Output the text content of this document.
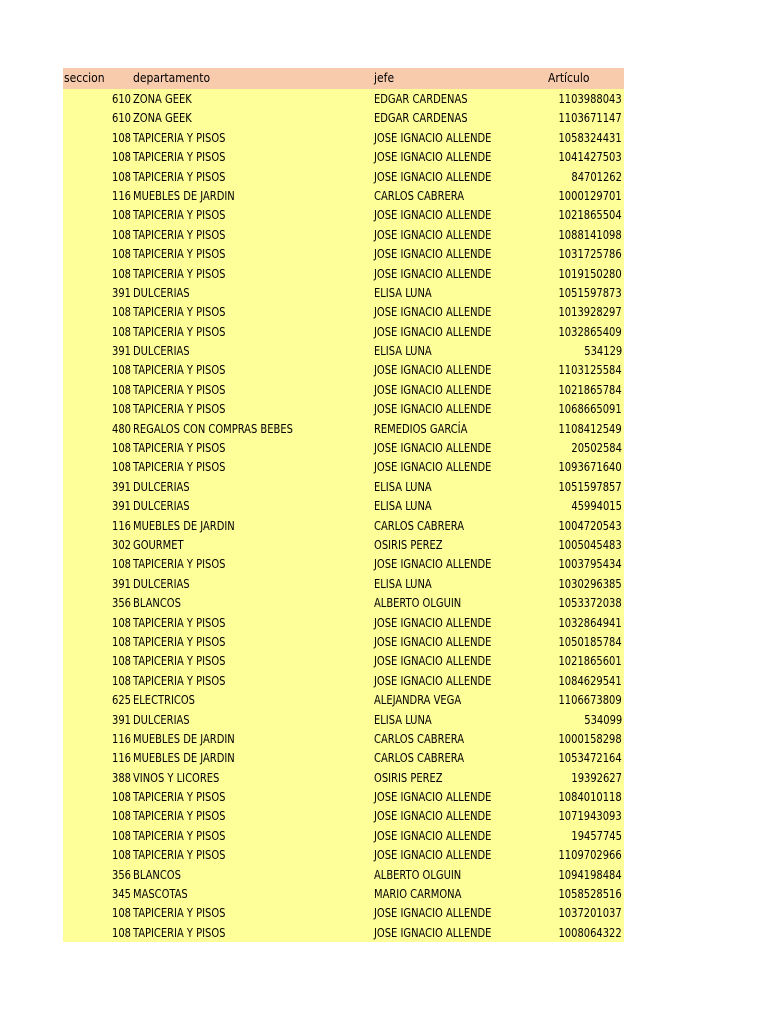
seccion departamento	jefe	Artículo
610 ZONA GEEK	EDGAR CARDENAS	1103988043
610 ZONA GEEK	EDGAR CARDENAS	1103671147
108 TAPICERIA Y PISOS	JOSE IGNACIO ALLENDE	1058324431
108 TAPICERIA Y PISOS	JOSE IGNACIO ALLENDE	1041427503
108 TAPICERIA Y PISOS	JOSE IGNACIO ALLENDE	84701262
116 MUEBLES DE JARDIN	CARLOS CABRERA	1000129701
108 TAPICERIA Y PISOS	JOSE IGNACIO ALLENDE	1021865504
108 TAPICERIA Y PISOS	JOSE IGNACIO ALLENDE	1088141098
108 TAPICERIA Y PISOS	JOSE IGNACIO ALLENDE	1031725786
108 TAPICERIA Y PISOS	JOSE IGNACIO ALLENDE	1019150280
391 DULCERIAS	ELISA LUNA	1051597873
108 TAPICERIA Y PISOS	JOSE IGNACIO ALLENDE	1013928297
108 TAPICERIA Y PISOS	JOSE IGNACIO ALLENDE	1032865409
391 DULCERIAS	ELISA LUNA	534129
108 TAPICERIA Y PISOS	JOSE IGNACIO ALLENDE	1103125584
108 TAPICERIA Y PISOS	JOSE IGNACIO ALLENDE	1021865784
108 TAPICERIA Y PISOS	JOSE IGNACIO ALLENDE	1068665091
480 REGALOS CON COMPRAS BEBES	REMEDIOS GARCÍA	1108412549
108 TAPICERIA Y PISOS	JOSE IGNACIO ALLENDE	20502584
108 TAPICERIA Y PISOS	JOSE IGNACIO ALLENDE	1093671640
391 DULCERIAS	ELISA LUNA	1051597857
391 DULCERIAS	ELISA LUNA	45994015
116 MUEBLES DE JARDIN	CARLOS CABRERA	1004720543
302 GOURMET	OSIRIS PEREZ	1005045483
108 TAPICERIA Y PISOS	JOSE IGNACIO ALLENDE	1003795434
391 DULCERIAS	ELISA LUNA	1030296385
356 BLANCOS	ALBERTO OLGUIN	1053372038
108 TAPICERIA Y PISOS	JOSE IGNACIO ALLENDE	1032864941
108 TAPICERIA Y PISOS	JOSE IGNACIO ALLENDE	1050185784
108 TAPICERIA Y PISOS	JOSE IGNACIO ALLENDE	1021865601
108 TAPICERIA Y PISOS	JOSE IGNACIO ALLENDE	1084629541
625 ELECTRICOS	ALEJANDRA VEGA	1106673809
391 DULCERIAS	ELISA LUNA	534099
116 MUEBLES DE JARDIN	CARLOS CABRERA	1000158298
116 MUEBLES DE JARDIN	CARLOS CABRERA	1053472164
388 VINOS Y LICORES	OSIRIS PEREZ	19392627
108 TAPICERIA Y PISOS	JOSE IGNACIO ALLENDE	1084010118
108 TAPICERIA Y PISOS	JOSE IGNACIO ALLENDE	1071943093
108 TAPICERIA Y PISOS	JOSE IGNACIO ALLENDE	19457745
108 TAPICERIA Y PISOS	JOSE IGNACIO ALLENDE	1109702966
356 BLANCOS	ALBERTO OLGUIN	1094198484
345 MASCOTAS	MARIO CARMONA	1058528516
108 TAPICERIA Y PISOS	JOSE IGNACIO ALLENDE	1037201037
108 TAPICERIA Y PISOS	JOSE IGNACIO ALLENDE	1008064322
